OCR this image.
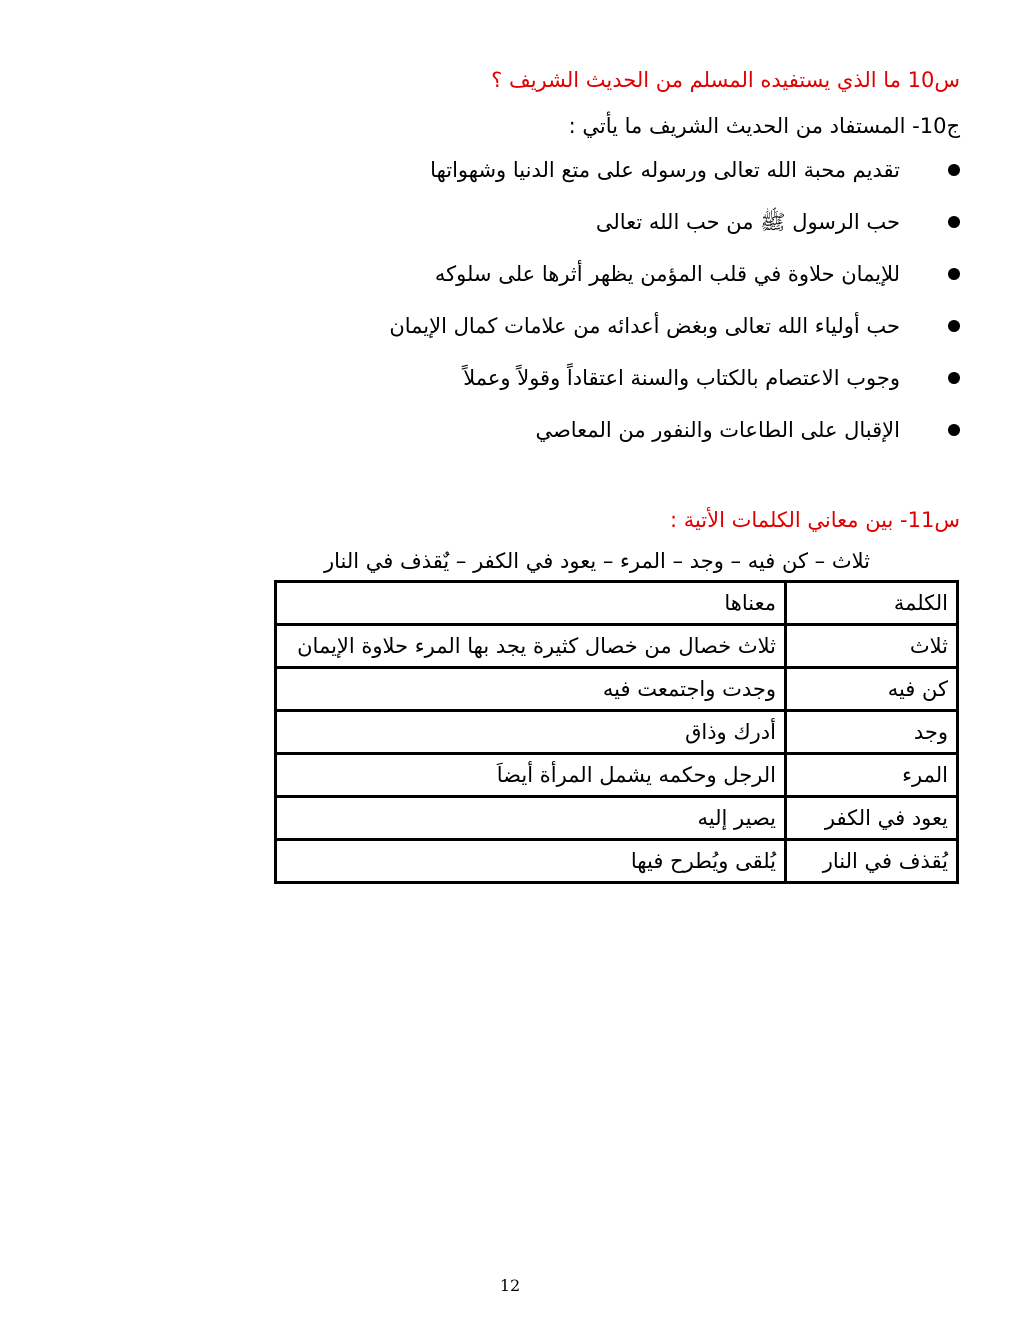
س10 ما الذي يستفيده المسلم من الحديث الشريف ؟
ج10- المستفاد من الحديث الشريف ما يأتي :
تقديم محبة الله تعالى ورسوله على متع الدنيا وشهواتها
حب الرسول ﷺ من حب الله تعالى
للإيمان حلاوة في قلب المؤمن يظهر أثرها على سلوكه
حب أولياء الله تعالى وبغض أعدائه من علامات كمال الإيمان
وجوب الاعتصام بالكتاب والسنة اعتقاداً وقولاً وعملاً
الإقبال على الطاعات والنفور من المعاصي
س11- بين معاني الكلمات الأتية :
ثلاث – كن فيه – وجد – المرء – يعود في الكفر – يٌقذف في النار
الكلمة	معناها
ثلاث	ثلاث خصال من خصال كثيرة يجد بها المرء حلاوة الإيمان
كن فيه	وجدت واجتمعت فيه
وجد	أدرك وذاق
المرء	الرجل وحكمه يشمل المرأة أيضاَ
يعود في الكفر	يصير إليه
يُقذف في النار	يُلقى ويُطرح فيها
12
